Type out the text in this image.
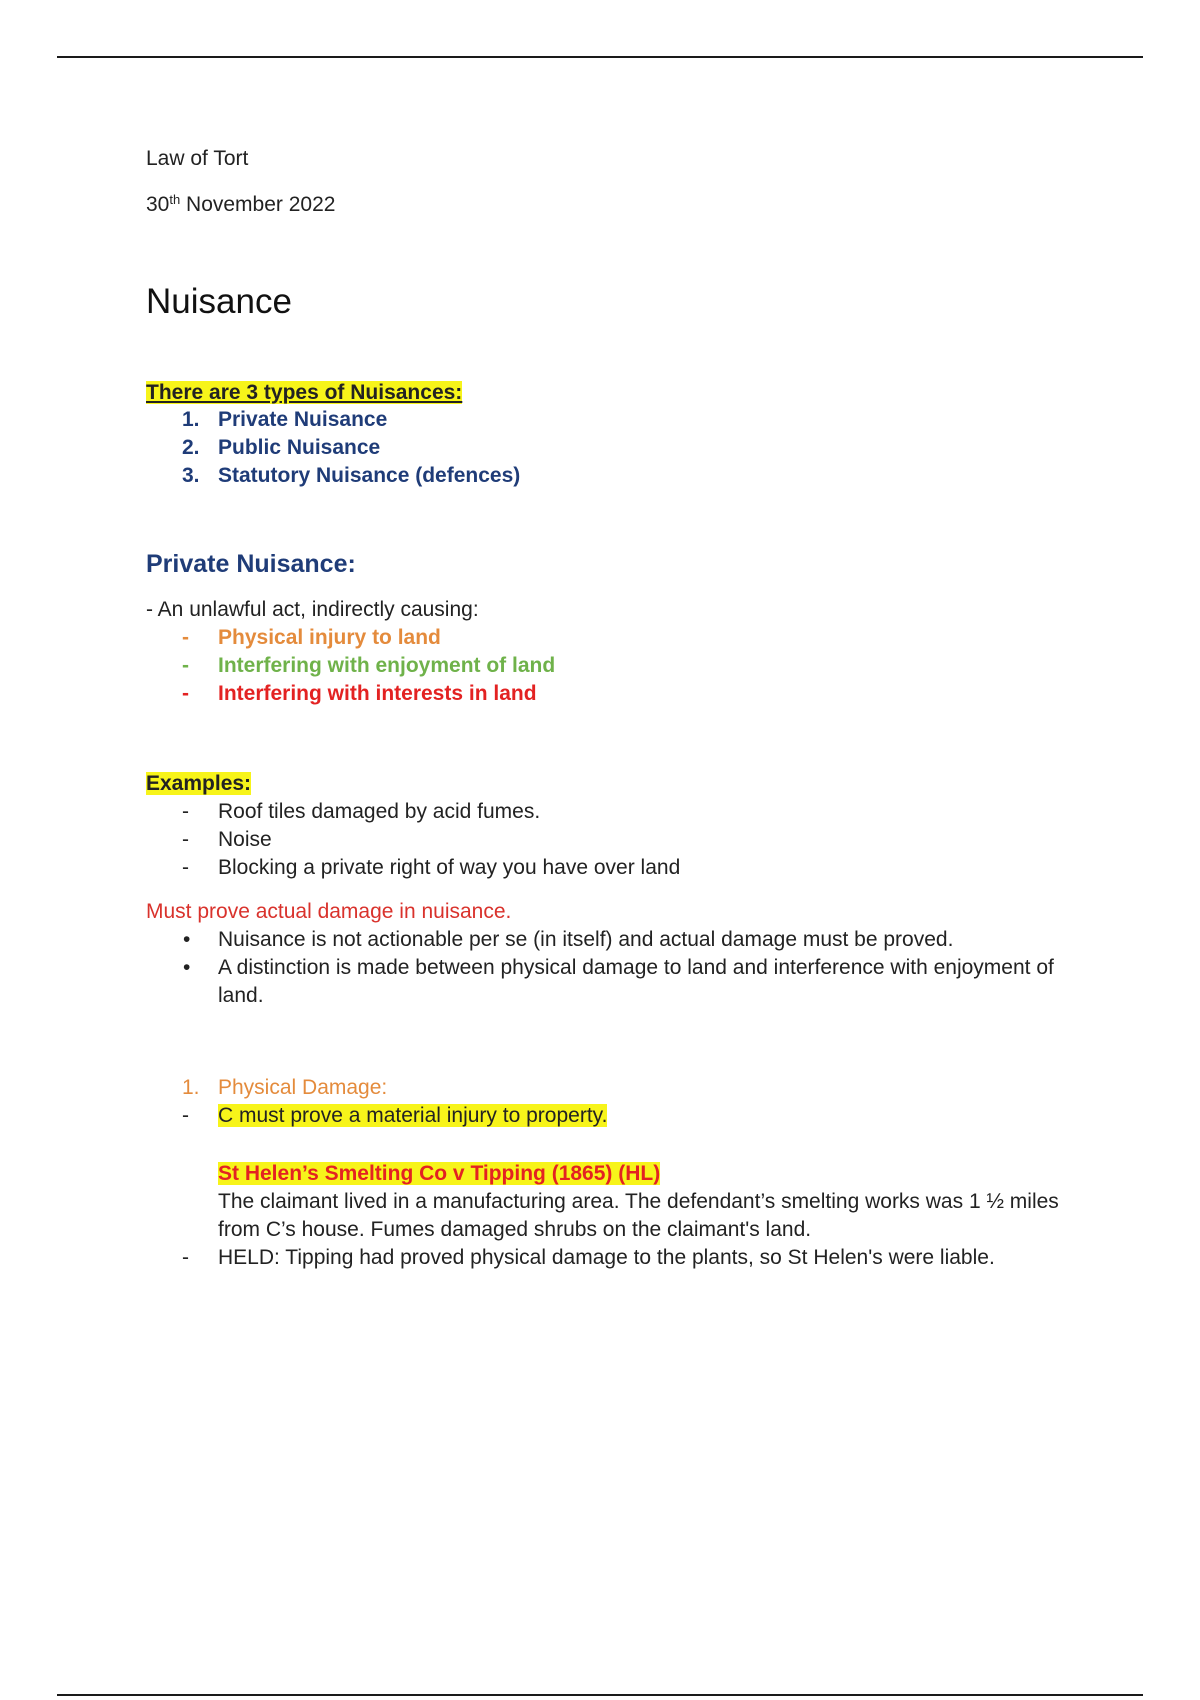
Law of Tort

30th November 2022

Nuisance

There are 3 types of Nuisances:

1. Private Nuisance
2. Public Nuisance
3. Statutory Nuisance (defences)

Private Nuisance:

- An unlawful act, indirectly causing:

- Physical injury to land
- Interfering with enjoyment of land
- Interfering with interests in land

Examples:

- Roof tiles damaged by acid fumes.
- Noise
- Blocking a private right of way you have over land

Must prove actual damage in nuisance.

• Nuisance is not actionable per se (in itself) and actual damage must be proved.
• A distinction is made between physical damage to land and interference with enjoyment of land.
1. Physical Damage:
- C must prove a material injury to property.
St Helen’s Smelting Co v Tipping (1865) (HL)

The claimant lived in a manufacturing area. The defendant’s smelting works was 1 ½ miles from C’s house. Fumes damaged shrubs on the claimant's land.

- HELD: Tipping had proved physical damage to the plants, so St Helen's were liable.
